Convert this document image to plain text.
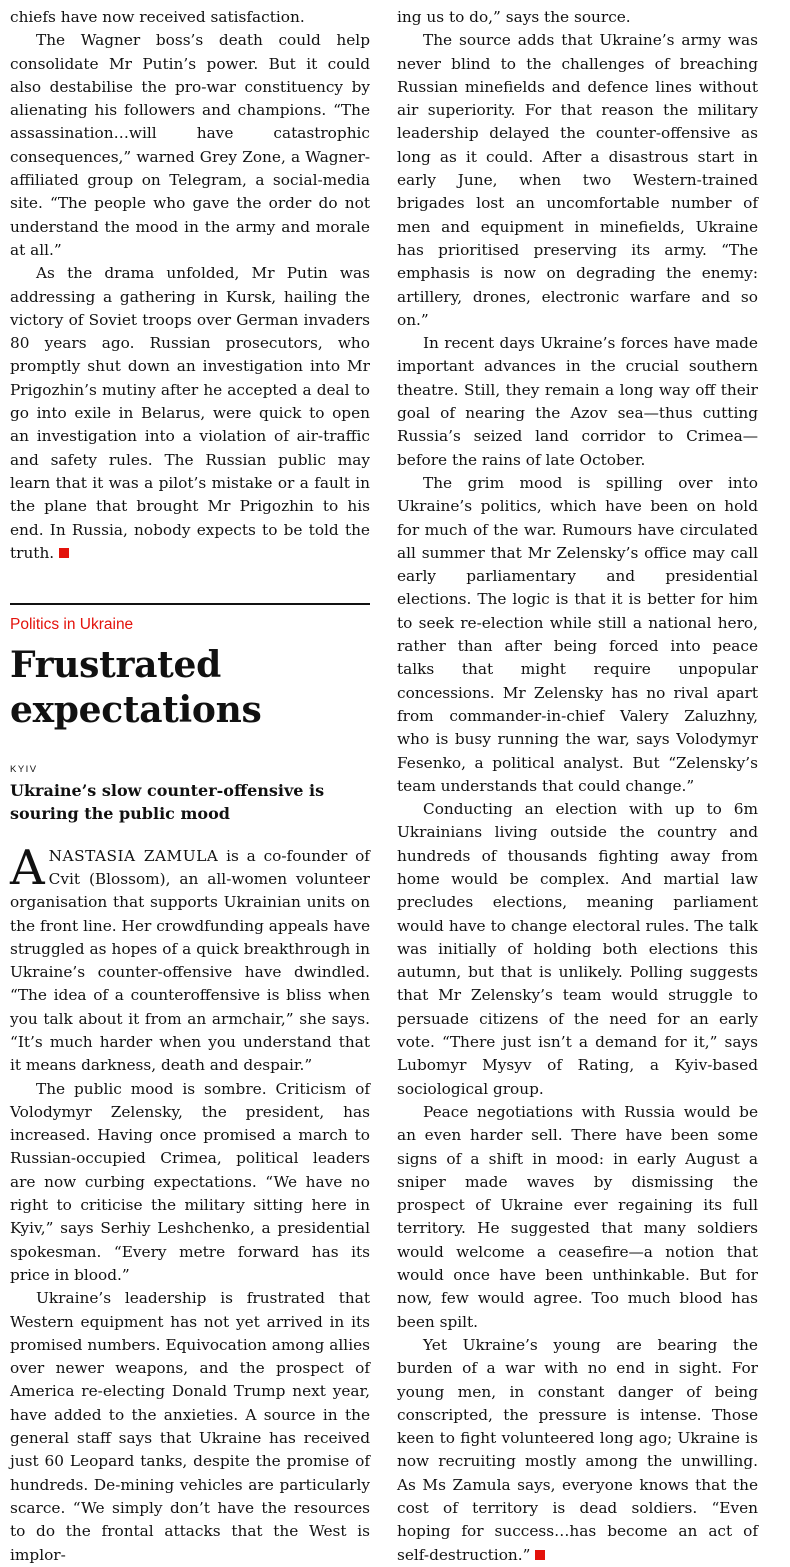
chiefs have now received satisfaction.

The Wagner boss’s death could help consolidate Mr Putin’s power. But it could also destabilise the pro-war constituency by alienating his followers and champions. “The assassination…will have catastrophic consequences,” warned Grey Zone, a Wagner-affiliated group on Telegram, a social-media site. “The people who gave the order do not understand the mood in the army and morale at all.”

As the drama unfolded, Mr Putin was addressing a gathering in Kursk, hailing the victory of Soviet troops over German invaders 80 years ago. Russian prosecutors, who promptly shut down an investigation into Mr Prigozhin’s mutiny after he accepted a deal to go into exile in Belarus, were quick to open an investigation into a violation of air-traffic and safety rules. The Russian public may learn that it was a pilot’s mistake or a fault in the plane that brought Mr Prigozhin to his end. In Russia, nobody expects to be told the truth.

Politics in Ukraine
Frustrated
expectations
KYIV
Ukraine’s slow counter-offensive is souring the public mood

ANASTASIA ZAMULA is a co-founder of Cvit (Blossom), an all-women volunteer organisation that supports Ukrainian units on the front line. Her crowdfunding appeals have struggled as hopes of a quick breakthrough in Ukraine’s counter-offensive have dwindled. “The idea of a counteroffensive is bliss when you talk about it from an armchair,” she says. “It’s much harder when you understand that it means darkness, death and despair.”

The public mood is sombre. Criticism of Volodymyr Zelensky, the president, has increased. Having once promised a march to Russian-occupied Crimea, political leaders are now curbing expectations. “We have no right to criticise the military sitting here in Kyiv,” says Serhiy Leshchenko, a presidential spokesman. “Every metre forward has its price in blood.”

Ukraine’s leadership is frustrated that Western equipment has not yet arrived in its promised numbers. Equivocation among allies over newer weapons, and the prospect of America re-electing Donald Trump next year, have added to the anxieties. A source in the general staff says that Ukraine has received just 60 Leopard tanks, despite the promise of hundreds. De-mining vehicles are particularly scarce. “We simply don’t have the resources to do the frontal attacks that the West is implor-

ing us to do,” says the source.

The source adds that Ukraine’s army was never blind to the challenges of breaching Russian minefields and defence lines without air superiority. For that reason the military leadership delayed the counter-offensive as long as it could. After a disastrous start in early June, when two Western-trained brigades lost an uncomfortable number of men and equipment in minefields, Ukraine has prioritised preserving its army. “The emphasis is now on degrading the enemy: artillery, drones, electronic warfare and so on.”

In recent days Ukraine’s forces have made important advances in the crucial southern theatre. Still, they remain a long way off their goal of nearing the Azov sea—thus cutting Russia’s seized land corridor to Crimea—before the rains of late October.

The grim mood is spilling over into Ukraine’s politics, which have been on hold for much of the war. Rumours have circulated all summer that Mr Zelensky’s office may call early parliamentary and presidential elections. The logic is that it is better for him to seek re-election while still a national hero, rather than after being forced into peace talks that might require unpopular concessions. Mr Zelensky has no rival apart from commander-in-chief Valery Zaluzhny, who is busy running the war, says Volodymyr Fesenko, a political analyst. But “Zelensky’s team understands that could change.”

Conducting an election with up to 6m Ukrainians living outside the country and hundreds of thousands fighting away from home would be complex. And martial law precludes elections, meaning parliament would have to change electoral rules. The talk was initially of holding both elections this autumn, but that is unlikely. Polling suggests that Mr Zelensky’s team would struggle to persuade citizens of the need for an early vote. “There just isn’t a demand for it,” says Lubomyr Mysyv of Rating, a Kyiv-based sociological group.

Peace negotiations with Russia would be an even harder sell. There have been some signs of a shift in mood: in early August a sniper made waves by dismissing the prospect of Ukraine ever regaining its full territory. He suggested that many soldiers would welcome a ceasefire—a notion that would once have been unthinkable. But for now, few would agree. Too much blood has been spilt.

Yet Ukraine’s young are bearing the burden of a war with no end in sight. For young men, in constant danger of being conscripted, the pressure is intense. Those keen to fight volunteered long ago; Ukraine is now recruiting mostly among the unwilling. As Ms Zamula says, everyone knows that the cost of territory is dead soldiers. “Even hoping for success…has become an act of self-destruction.”
